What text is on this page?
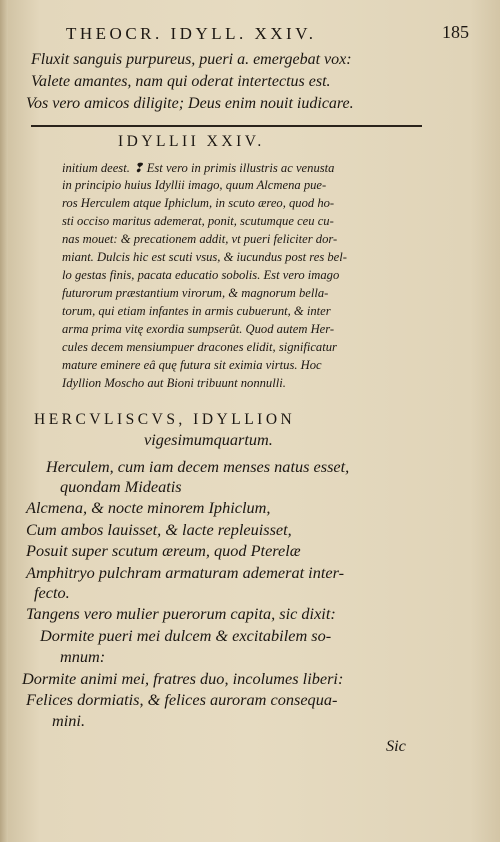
THEOCR. IDYLL. XXIV.	185
Fluxit sanguis purpureus, pueri a. emergebat vox:
Valete amantes, nam qui oderat intertectus est.
Vos vero amicos diligite; Deus enim nouit iudicare.
IDYLLII XXIV.
initium deest. ❢ Est vero in primis illustris ac venusta
in principio huius Idyllii imago, quum Alcmena pue-
ros Herculem atque Iphiclum, in scuto æreo, quod ho-
sti occiso maritus ademerat, ponit, scutumque ceu cu-
nas mouet: & precationem addit, vt pueri feliciter dor-
miant. Dulcis hic est scuti vsus, & iucundus post res bel-
lo gestas finis, pacata educatio sobolis. Est vero imago
futurorum præstantium virorum, & magnorum bella-
torum, qui etiam infantes in armis cubuerunt, & inter
arma prima vitę exordia sumpserût. Quod autem Her-
cules decem mensiumpuer dracones elidit, significatur
mature eminere eâ quę futura sit eximia virtus. Hoc
Idyllion Moscho aut Bioni tribuunt nonnulli.
HERCVLISCVS, IDYLLION
vigesimumquartum.
Herculem, cum iam decem menses natus esset,
quondam Mideatis
Alcmena, & nocte minorem Iphiclum,
Cum ambos lauisset, & lacte repleuisset,
Posuit super scutum æreum, quod Pterelæ
Amphitryo pulchram armaturam ademerat inter-
fecto.
Tangens vero mulier puerorum capita, sic dixit:
Dormite pueri mei dulcem & excitabilem so-
mnum:
Dormite animi mei, fratres duo, incolumes liberi:
Felices dormiatis, & felices auroram consequa-
mini.
Sic
